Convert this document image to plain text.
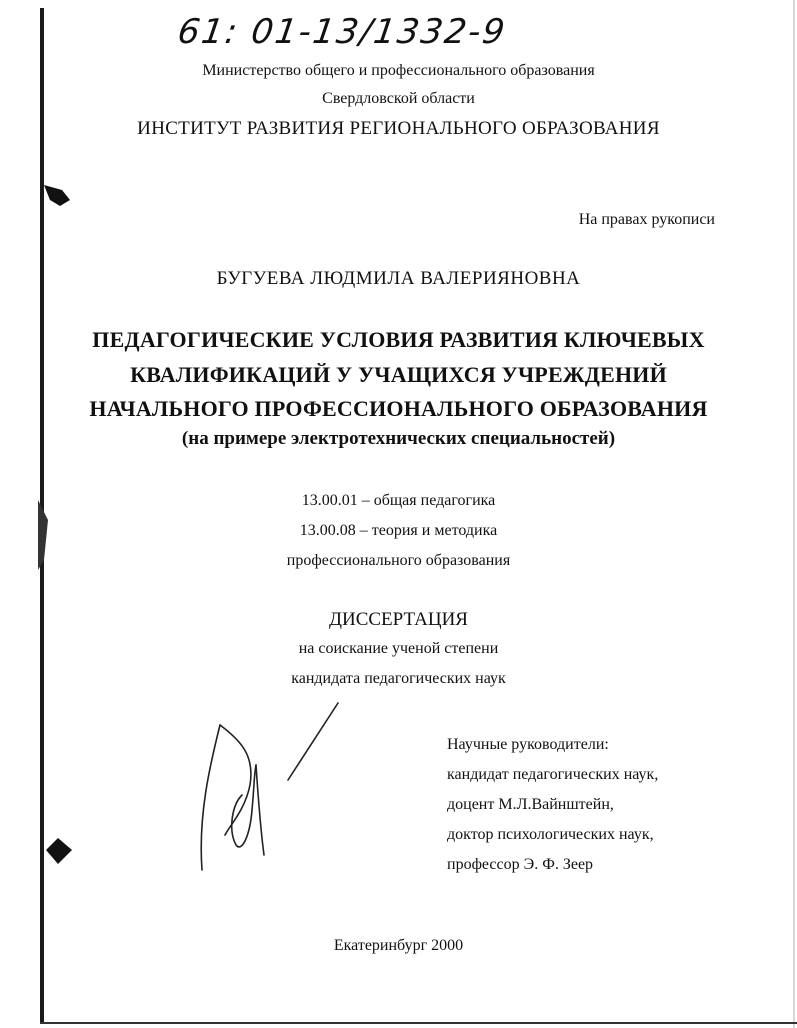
61: 01-13/1332-9
Министерство общего и профессионального образования
Свердловской области
ИНСТИТУТ РАЗВИТИЯ РЕГИОНАЛЬНОГО ОБРАЗОВАНИЯ
На правах рукописи
БУГУЕВА ЛЮДМИЛА ВАЛЕРИЯНОВНА
ПЕДАГОГИЧЕСКИЕ УСЛОВИЯ РАЗВИТИЯ КЛЮЧЕВЫХ
КВАЛИФИКАЦИЙ У УЧАЩИХСЯ УЧРЕЖДЕНИЙ
НАЧАЛЬНОГО ПРОФЕССИОНАЛЬНОГО ОБРАЗОВАНИЯ
(на примере электротехнических специальностей)
13.00.01 – общая педагогика
13.00.08 – теория и методика
профессионального образования
ДИССЕРТАЦИЯ
на соискание ученой степени
кандидата педагогических наук
Научные руководители:
кандидат педагогических наук,
доцент М.Л.Вайнштейн,
доктор психологических наук,
профессор Э. Ф. Зеер
Екатеринбург 2000
